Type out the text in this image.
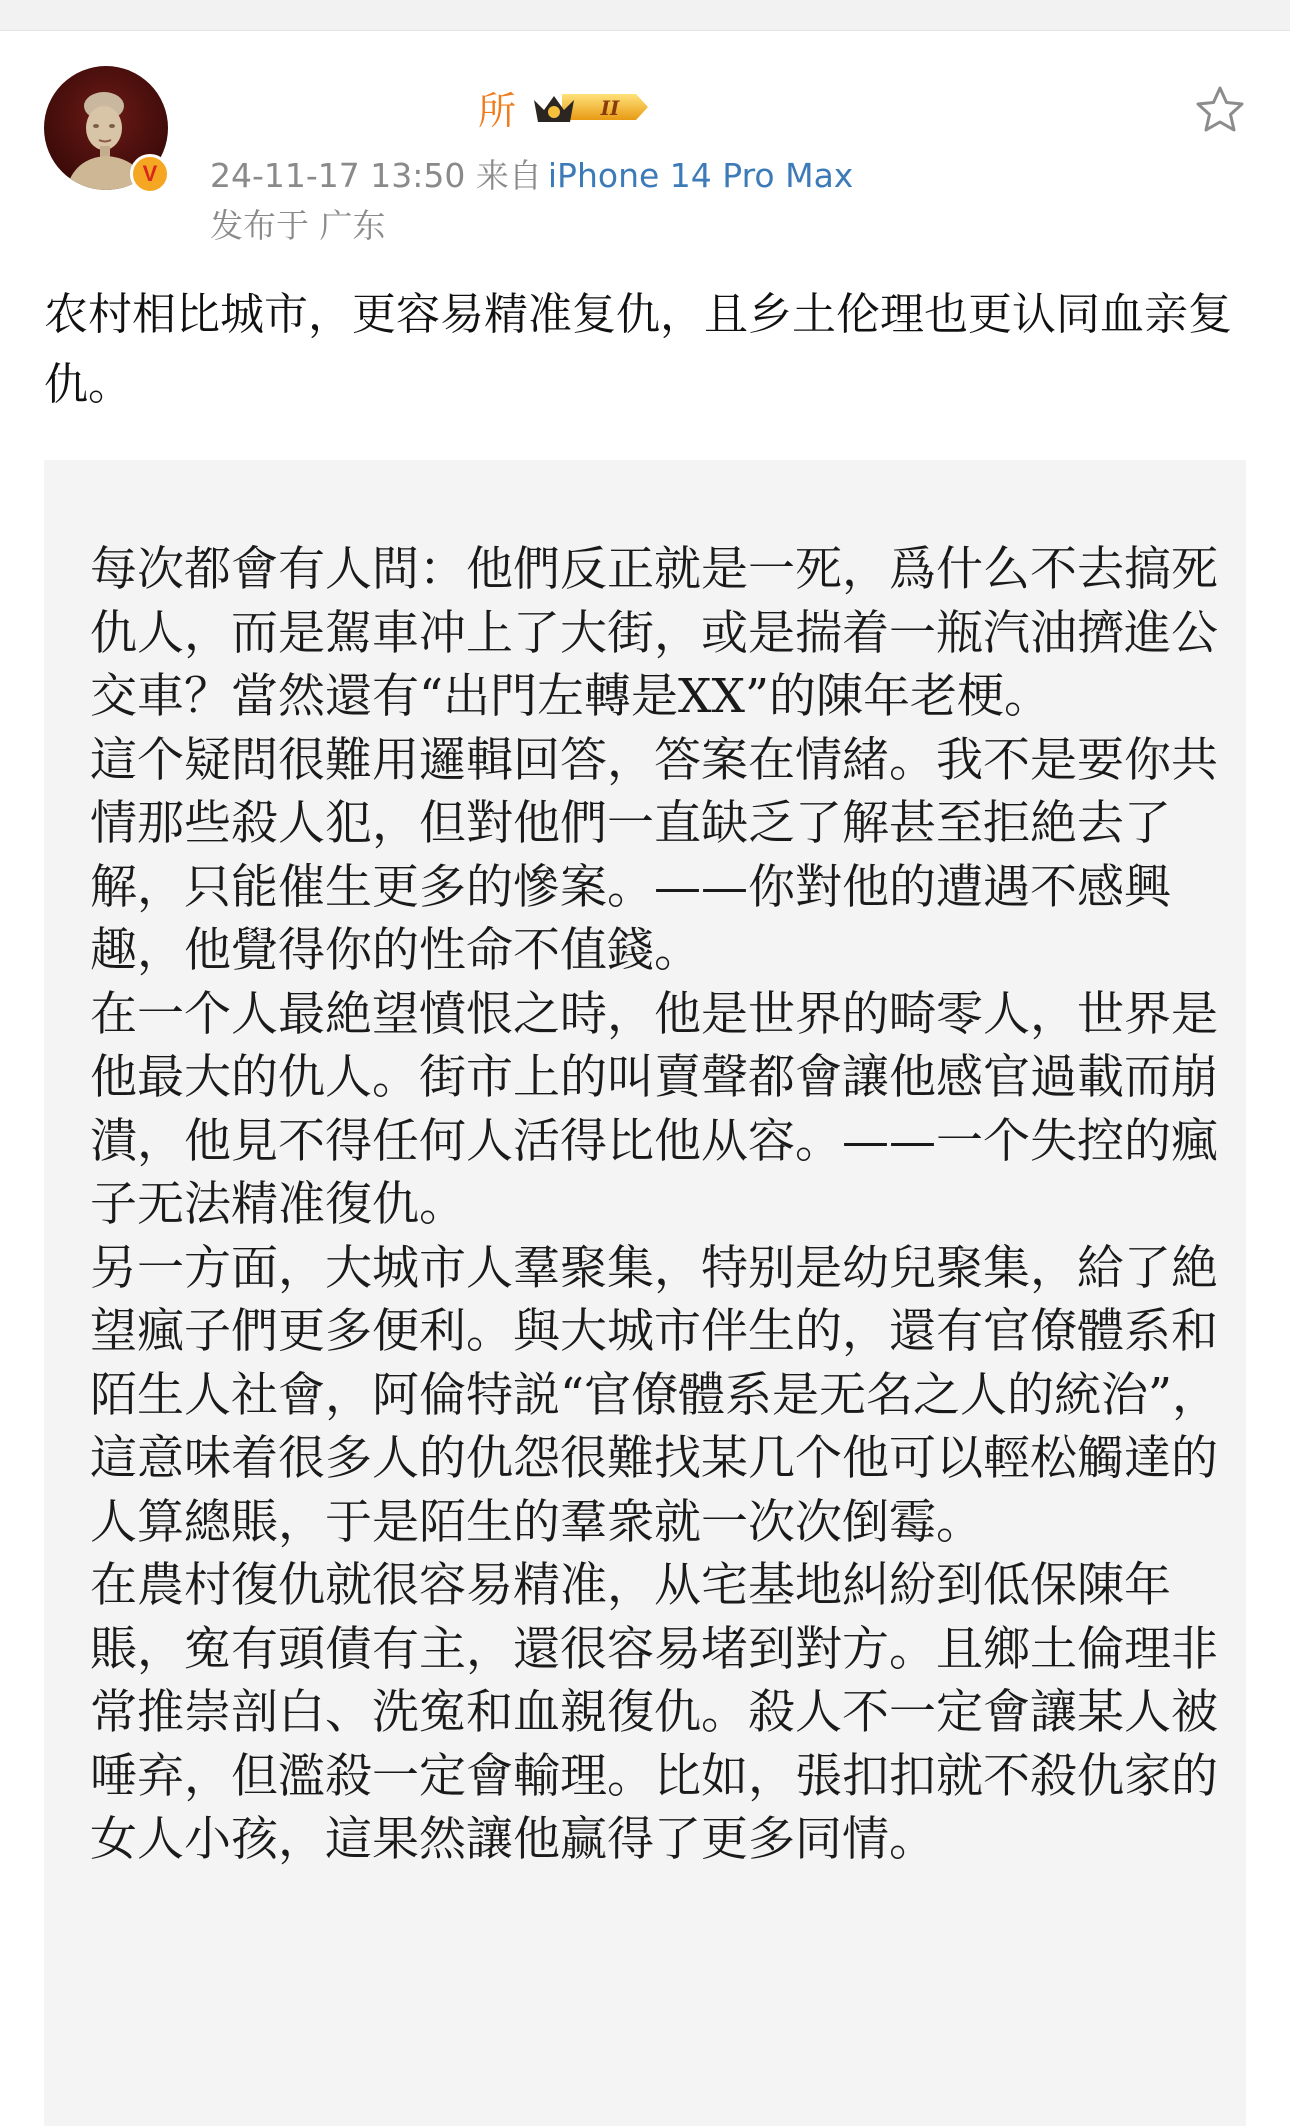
V
所	II
24-11-17 13:50 来自 iPhone 14 Pro Max
发布于 广东

农村相比城市，更容易精准复仇，且乡土伦理也更认同血亲复仇。

每次都會有人問：他們反正就是一死，爲什么不去搞死仇人，而是駕車冲上了大街，或是揣着一瓶汽油擠進公交車？當然還有“出門左轉是XX”的陳年老梗。

這个疑問很難用邏輯回答，答案在情緒。我不是要你共情那些殺人犯，但對他們一直缺乏了解甚至拒絶去了解，只能催生更多的慘案。——你對他的遭遇不感興趣，他覺得你的性命不值錢。

在一个人最絶望憤恨之時，他是世界的畸零人，世界是他最大的仇人。街市上的叫賣聲都會讓他感官過載而崩潰，他見不得任何人活得比他从容。——一个失控的瘋子无法精准復仇。

另一方面，大城市人羣聚集，特别是幼兒聚集，給了絶望瘋子們更多便利。與大城市伴生的，還有官僚體系和陌生人社會，阿倫特説“官僚體系是无名之人的統治”，這意味着很多人的仇怨很難找某几个他可以輕松觸達的人算總賬，于是陌生的羣衆就一次次倒霉。

在農村復仇就很容易精准，从宅基地糾紛到低保陳年賬，寃有頭債有主，還很容易堵到對方。且鄉土倫理非常推崇剖白、洗寃和血親復仇。殺人不一定會讓某人被唾弃，但濫殺一定會輸理。比如，張扣扣就不殺仇家的女人小孩，這果然讓他赢得了更多同情。
